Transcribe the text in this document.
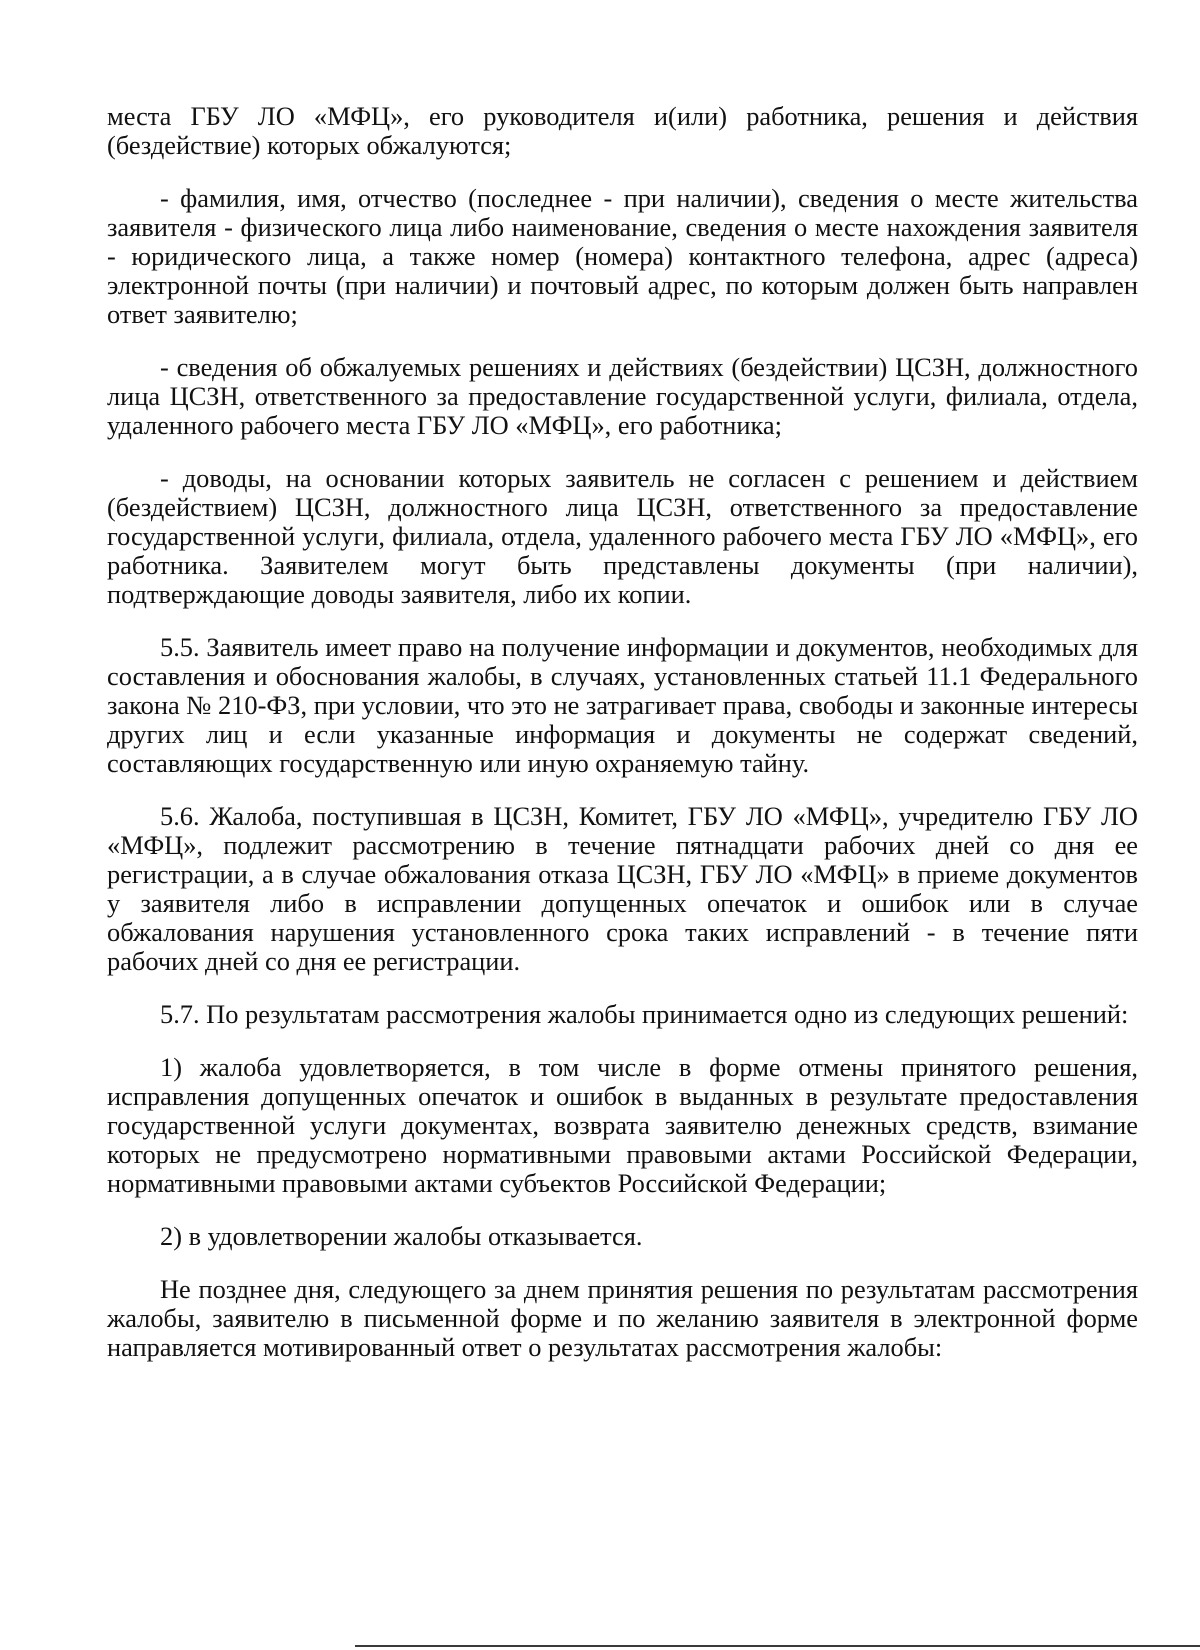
места ГБУ ЛО «МФЦ», его руководителя и(или) работника, решения и действия (бездействие) которых обжалуются;

- фамилия, имя, отчество (последнее - при наличии), сведения о месте жительства заявителя - физического лица либо наименование, сведения о месте нахождения заявителя - юридического лица, а также номер (номера) контактного телефона, адрес (адреса) электронной почты (при наличии) и почтовый адрес, по которым должен быть направлен ответ заявителю;

- сведения об обжалуемых решениях и действиях (бездействии) ЦСЗН, должностного лица ЦСЗН, ответственного за предоставление государственной услуги, филиала, отдела, удаленного рабочего места ГБУ ЛО «МФЦ», его работника;

- доводы, на основании которых заявитель не согласен с решением и действием (бездействием) ЦСЗН, должностного лица ЦСЗН, ответственного за предоставление государственной услуги, филиала, отдела, удаленного рабочего места ГБУ ЛО «МФЦ», его работника. Заявителем могут быть представлены документы (при наличии), подтверждающие доводы заявителя, либо их копии.

5.5. Заявитель имеет право на получение информации и документов, необходимых для составления и обоснования жалобы, в случаях, установленных статьей 11.1 Федерального закона № 210-ФЗ, при условии, что это не затрагивает права, свободы и законные интересы других лиц и если указанные информация и документы не содержат сведений, составляющих государственную или иную охраняемую тайну.

5.6. Жалоба, поступившая в ЦСЗН, Комитет, ГБУ ЛО «МФЦ», учредителю ГБУ ЛО «МФЦ», подлежит рассмотрению в течение пятнадцати рабочих дней со дня ее регистрации, а в случае обжалования отказа ЦСЗН, ГБУ ЛО «МФЦ» в приеме документов у заявителя либо в исправлении допущенных опечаток и ошибок или в случае обжалования нарушения установленного срока таких исправлений - в течение пяти рабочих дней со дня ее регистрации.

5.7. По результатам рассмотрения жалобы принимается одно из следующих решений:

1) жалоба удовлетворяется, в том числе в форме отмены принятого решения, исправления допущенных опечаток и ошибок в выданных в результате предоставления государственной услуги документах, возврата заявителю денежных средств, взимание которых не предусмотрено нормативными правовыми актами Российской Федерации, нормативными правовыми актами субъектов Российской Федерации;

2) в удовлетворении жалобы отказывается.

Не позднее дня, следующего за днем принятия решения по результатам рассмотрения жалобы, заявителю в письменной форме и по желанию заявителя в электронной форме направляется мотивированный ответ о результатах рассмотрения жалобы:
